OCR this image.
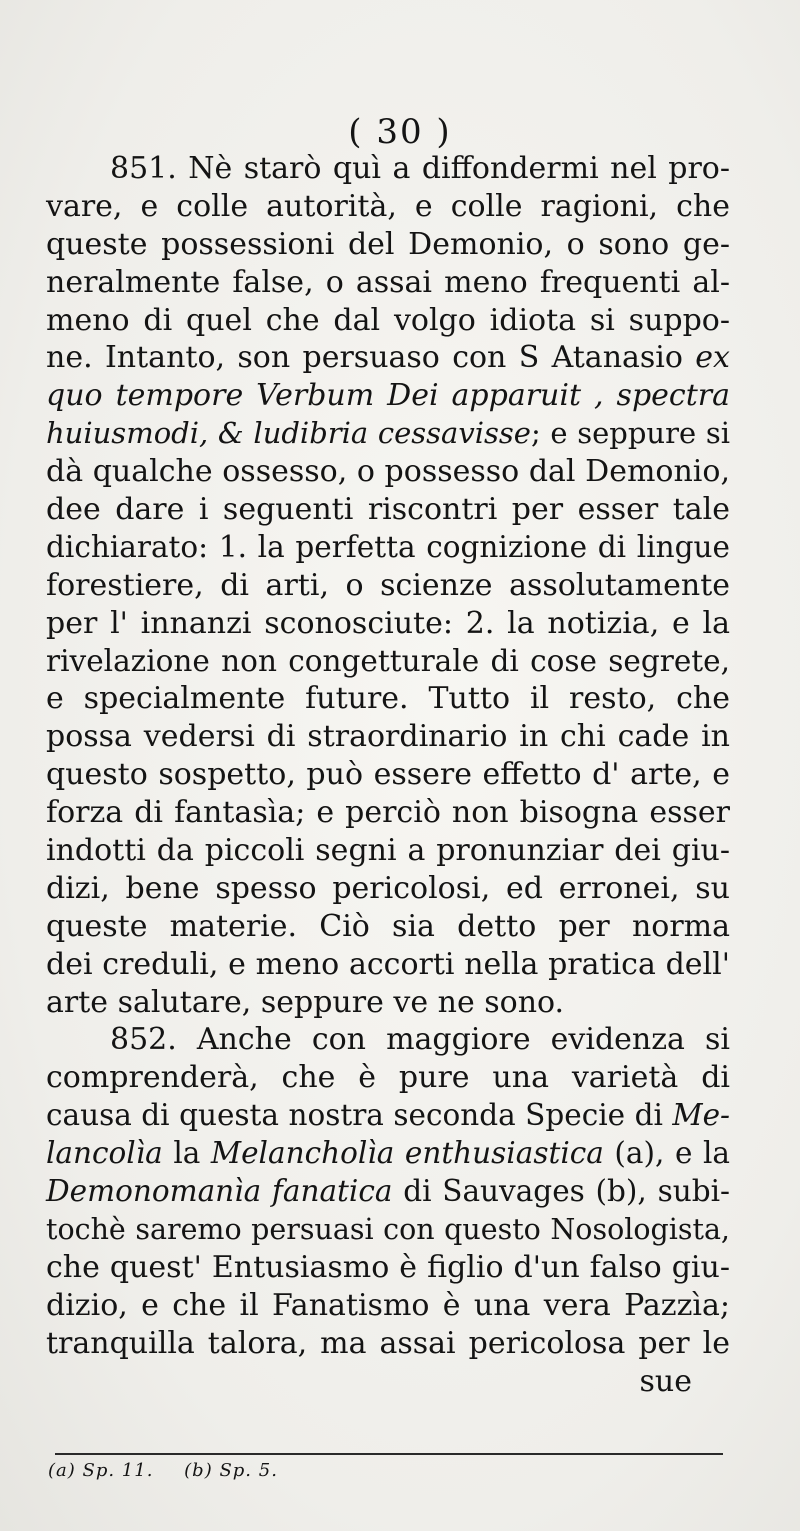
( 30 )
851. Nè starò quì a diffondermi nel pro-
vare, e colle autorità, e colle ragioni, che
queste possessioni del Demonio, o sono ge-
neralmente false, o assai meno frequenti al-
meno di quel che dal volgo idiota si suppo-
ne. Intanto, son persuaso con S Atanasio ex
quo tempore Verbum Dei apparuit , spectra
huiusmodi, & ludibria cessavisse; e seppure si
dà qualche ossesso, o possesso dal Demonio,
dee dare i seguenti riscontri per esser tale
dichiarato: 1. la perfetta cognizione di lingue
forestiere, di arti, o scienze assolutamente
per l' innanzi sconosciute: 2. la notizia, e la
rivelazione non congetturale di cose segrete,
e specialmente future. Tutto il resto, che
possa vedersi di straordinario in chi cade in
questo sospetto, può essere effetto d' arte, e
forza di fantasìa; e perciò non bisogna esser
indotti da piccoli segni a pronunziar dei giu-
dizi, bene spesso pericolosi, ed erronei, su
queste materie. Ciò sia detto per norma
dei creduli, e meno accorti nella pratica dell'
arte salutare, seppure ve ne sono.
852. Anche con maggiore evidenza si
comprenderà, che è pure una varietà di
causa di questa nostra seconda Specie di Me-
lancolìa la Melancholìa enthusiastica (a), e la
Demonomanìa fanatica di Sauvages (b), subi-
tochè saremo persuasi con questo Nosologista,
che quest' Entusiasmo è figlio d'un falso giu-
dizio, e che il Fanatismo è una vera Pazzìa;
tranquilla talora, ma assai pericolosa per le
sue
(a) Sp. 11. (b) Sp. 5.
